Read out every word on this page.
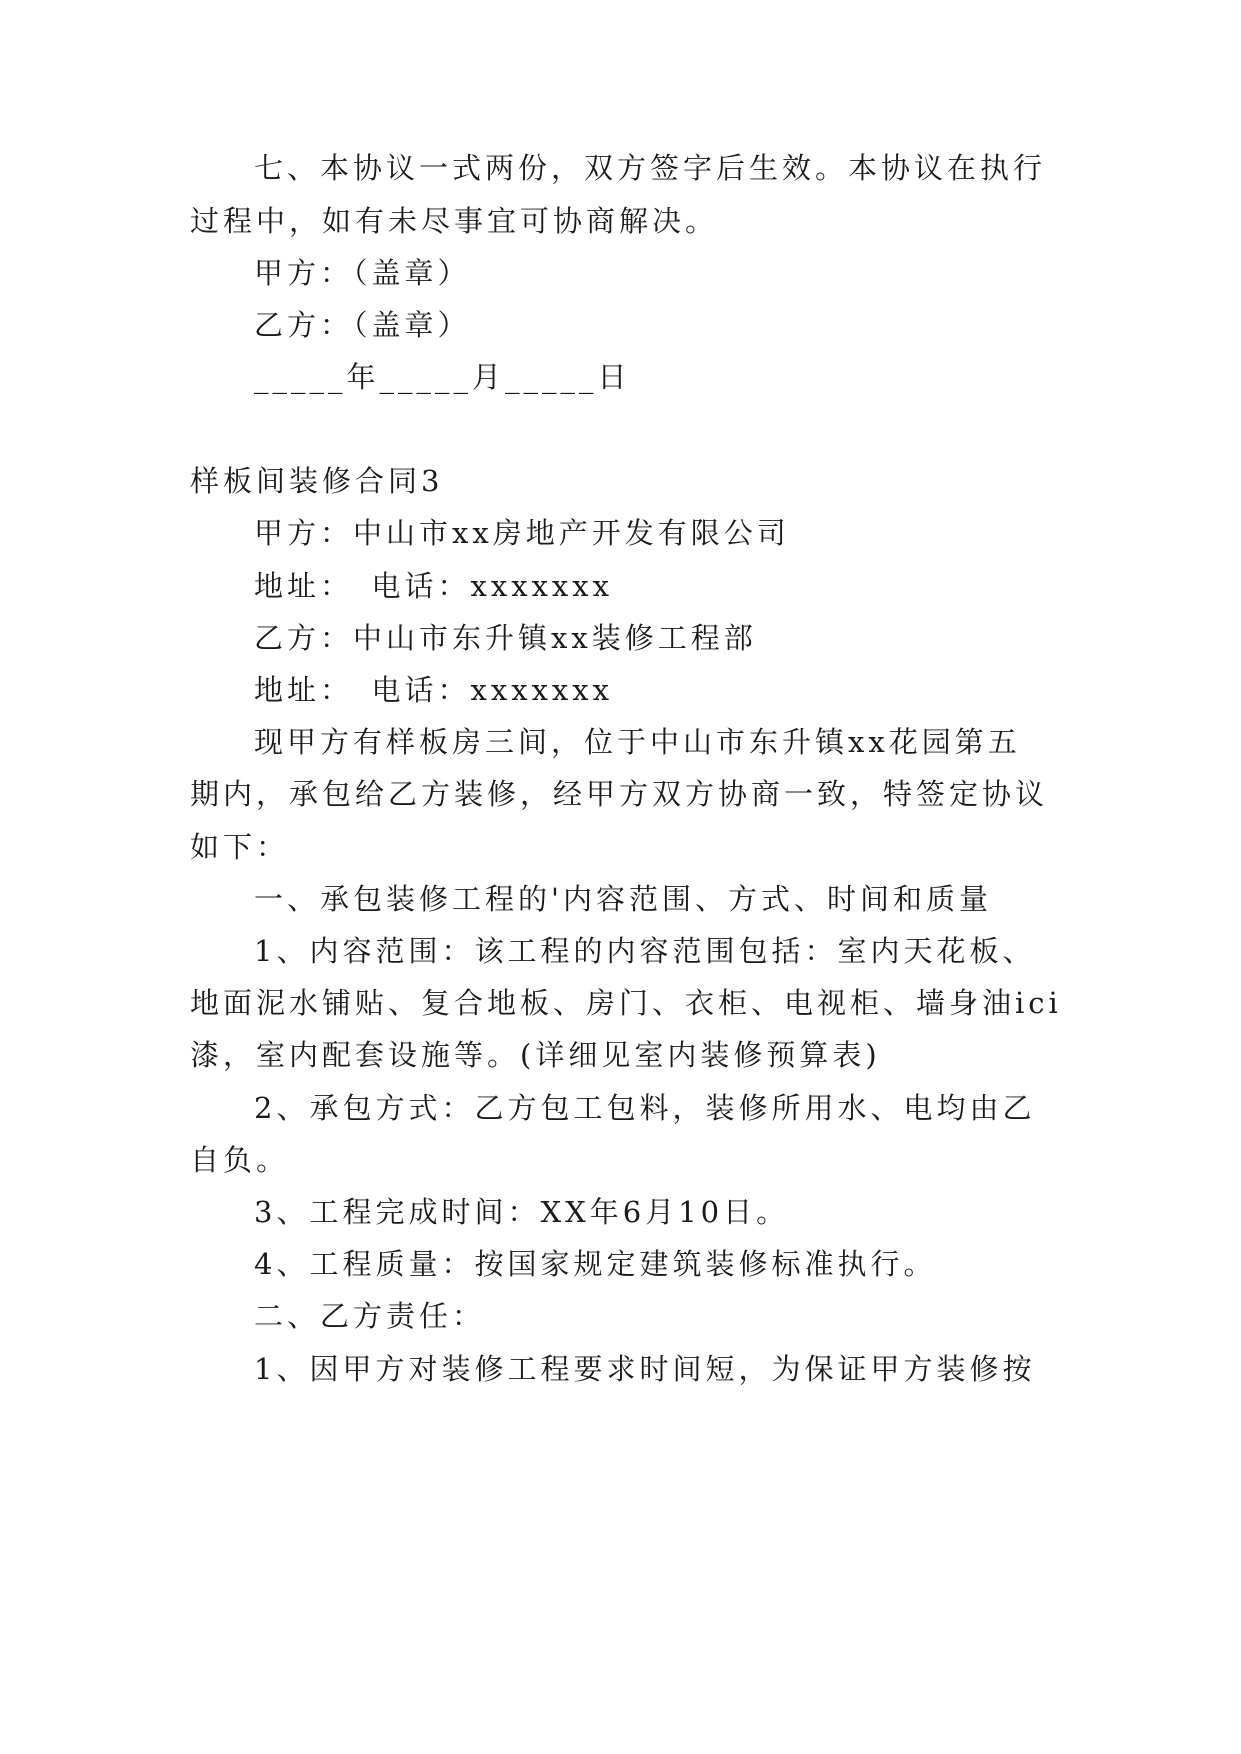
七、本协议一式两份，双方签字后生效。本协议在执行
过程中，如有未尽事宜可协商解决。
甲方：（盖章）
乙方：（盖章）
_____年_____月_____日
样板间装修合同3
甲方：中山市xx房地产开发有限公司
地址：　电话：xxxxxxx
乙方：中山市东升镇xx装修工程部
地址：　电话：xxxxxxx
现甲方有样板房三间，位于中山市东升镇xx花园第五
期内，承包给乙方装修，经甲方双方协商一致，特签定协议
如下：
一、承包装修工程的'内容范围、方式、时间和质量
1、内容范围：该工程的内容范围包括：室内天花板、
地面泥水铺贴、复合地板、房门、衣柜、电视柜、墙身油ici
漆，室内配套设施等。(详细见室内装修预算表)
2、承包方式：乙方包工包料，装修所用水、电均由乙
自负。
3、工程完成时间：XX年6月10日。
4、工程质量：按国家规定建筑装修标准执行。
二、乙方责任：
1、因甲方对装修工程要求时间短，为保证甲方装修按
